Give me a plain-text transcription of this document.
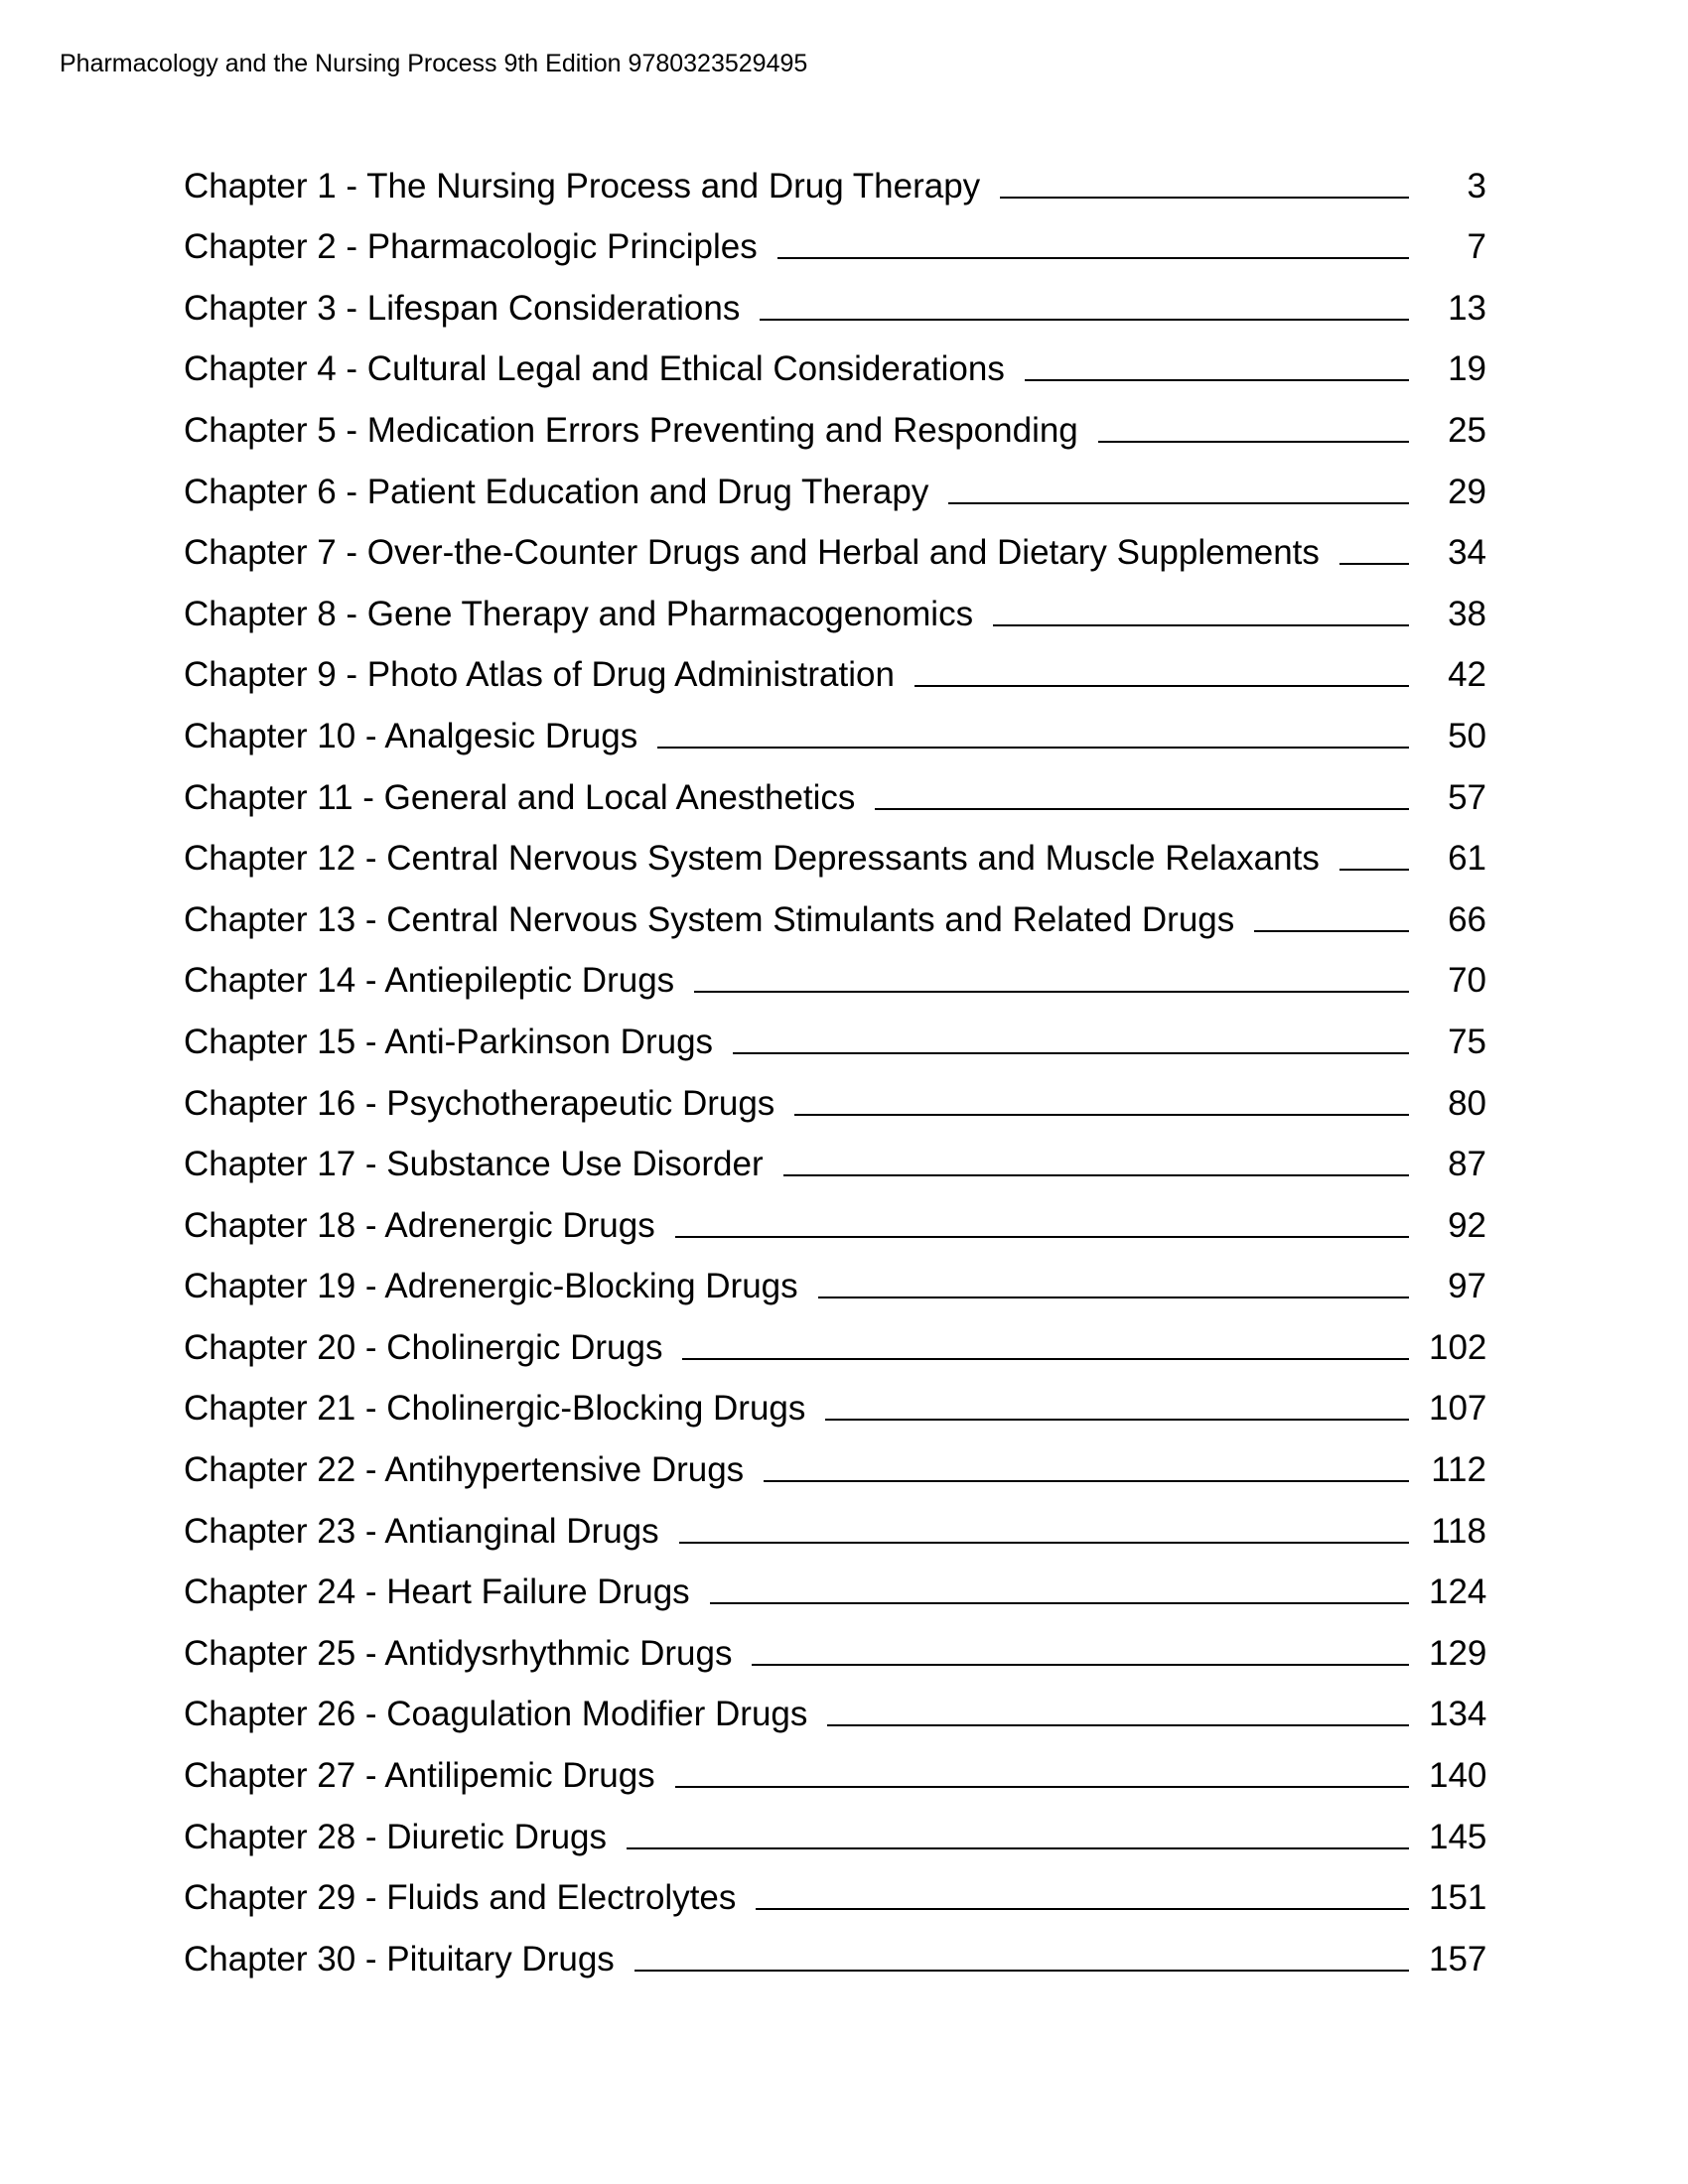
Pharmacology and the Nursing Process 9th Edition 9780323529495
Chapter 1 - The Nursing Process and Drug Therapy	3
Chapter 2 - Pharmacologic Principles	7
Chapter 3 - Lifespan Considerations	13
Chapter 4 - Cultural Legal and Ethical Considerations	19
Chapter 5 - Medication Errors Preventing and Responding	25
Chapter 6 - Patient Education and Drug Therapy	29
Chapter 7 - Over-the-Counter Drugs and Herbal and Dietary Supplements	34
Chapter 8 - Gene Therapy and Pharmacogenomics	38
Chapter 9 - Photo Atlas of Drug Administration	42
Chapter 10 - Analgesic Drugs	50
Chapter 11 - General and Local Anesthetics	57
Chapter 12 - Central Nervous System Depressants and Muscle Relaxants	61
Chapter 13 - Central Nervous System Stimulants and Related Drugs	66
Chapter 14 - Antiepileptic Drugs	70
Chapter 15 - Anti-Parkinson Drugs	75
Chapter 16 - Psychotherapeutic Drugs	80
Chapter 17 - Substance Use Disorder	87
Chapter 18 - Adrenergic Drugs	92
Chapter 19 - Adrenergic-Blocking Drugs	97
Chapter 20 - Cholinergic Drugs	102
Chapter 21 - Cholinergic-Blocking Drugs	107
Chapter 22 - Antihypertensive Drugs	112
Chapter 23 - Antianginal Drugs	118
Chapter 24 - Heart Failure Drugs	124
Chapter 25 - Antidysrhythmic Drugs	129
Chapter 26 - Coagulation Modifier Drugs	134
Chapter 27 - Antilipemic Drugs	140
Chapter 28 - Diuretic Drugs	145
Chapter 29 - Fluids and Electrolytes	151
Chapter 30 - Pituitary Drugs	157
